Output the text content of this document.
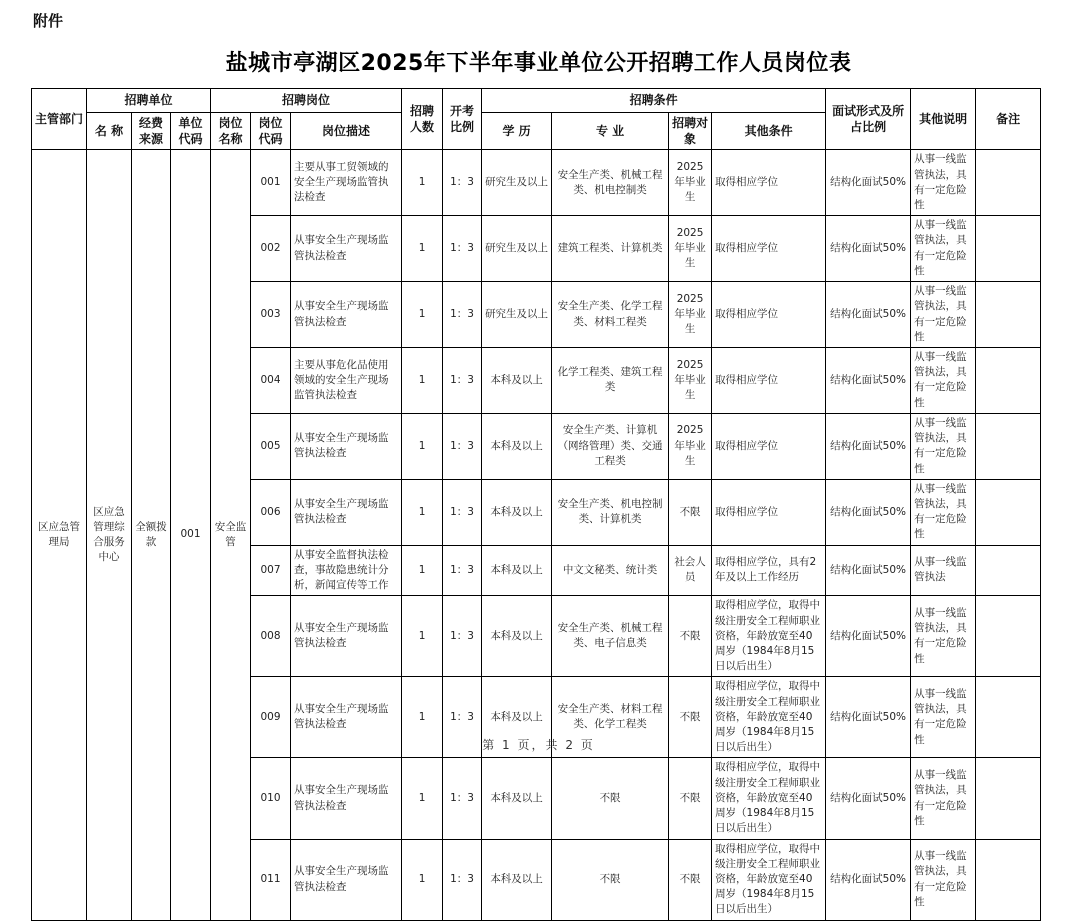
附件
盐城市亭湖区2025年下半年事业单位公开招聘工作人员岗位表
主管部门	招聘单位			招聘岗位			招聘人数	开考比例	招聘条件				面试形式及所占比例	其他说明	备注
	名 称	经费来源	单位代码	岗位名称	岗位代码	岗位描述			学 历	专 业	招聘对象	其他条件			
区应急管理局	区应急管理综合服务中心	全额拨款	001	安全监管	001	主要从事工贸领域的安全生产现场监管执法检查	1	1：3	研究生及以上	安全生产类、机械工程类、机电控制类	2025年毕业生	取得相应学位	结构化面试50%	从事一线监管执法，具有一定危险性	
					002	从事安全生产现场监管执法检查	1	1：3	研究生及以上	建筑工程类、计算机类	2025年毕业生	取得相应学位	结构化面试50%	从事一线监管执法，具有一定危险性	
					003	从事安全生产现场监管执法检查	1	1：3	研究生及以上	安全生产类、化学工程类、材料工程类	2025年毕业生	取得相应学位	结构化面试50%	从事一线监管执法，具有一定危险性	
					004	主要从事危化品使用领域的安全生产现场监管执法检查	1	1：3	本科及以上	化学工程类、建筑工程类	2025年毕业生	取得相应学位	结构化面试50%	从事一线监管执法，具有一定危险性	
					005	从事安全生产现场监管执法检查	1	1：3	本科及以上	安全生产类、计算机（网络管理）类、交通工程类	2025年毕业生	取得相应学位	结构化面试50%	从事一线监管执法，具有一定危险性	
					006	从事安全生产现场监管执法检查	1	1：3	本科及以上	安全生产类、机电控制类、计算机类	不限	取得相应学位	结构化面试50%	从事一线监管执法，具有一定危险性	
					007	从事安全监督执法检查，事故隐患统计分析，新闻宣传等工作	1	1：3	本科及以上	中文文秘类、统计类	社会人员	取得相应学位，具有2年及以上工作经历	结构化面试50%	从事一线监管执法	
					008	从事安全生产现场监管执法检查	1	1：3	本科及以上	安全生产类、机械工程类、电子信息类	不限	取得相应学位，取得中级注册安全工程师职业资格，年龄放宽至40周岁（1984年8月15日以后出生）	结构化面试50%	从事一线监管执法，具有一定危险性	
					009	从事安全生产现场监管执法检查	1	1：3	本科及以上	安全生产类、材料工程类、化学工程类	不限	取得相应学位，取得中级注册安全工程师职业资格，年龄放宽至40周岁（1984年8月15日以后出生）	结构化面试50%	从事一线监管执法，具有一定危险性	
					010	从事安全生产现场监管执法检查	1	1：3	本科及以上	不限	不限	取得相应学位，取得中级注册安全工程师职业资格，年龄放宽至40周岁（1984年8月15日以后出生）	结构化面试50%	从事一线监管执法，具有一定危险性	
					011	从事安全生产现场监管执法检查	1	1：3	本科及以上	不限	不限	取得相应学位，取得中级注册安全工程师职业资格，年龄放宽至40周岁（1984年8月15日以后出生）	结构化面试50%	从事一线监管执法，具有一定危险性	
第 1 页，共 2 页
